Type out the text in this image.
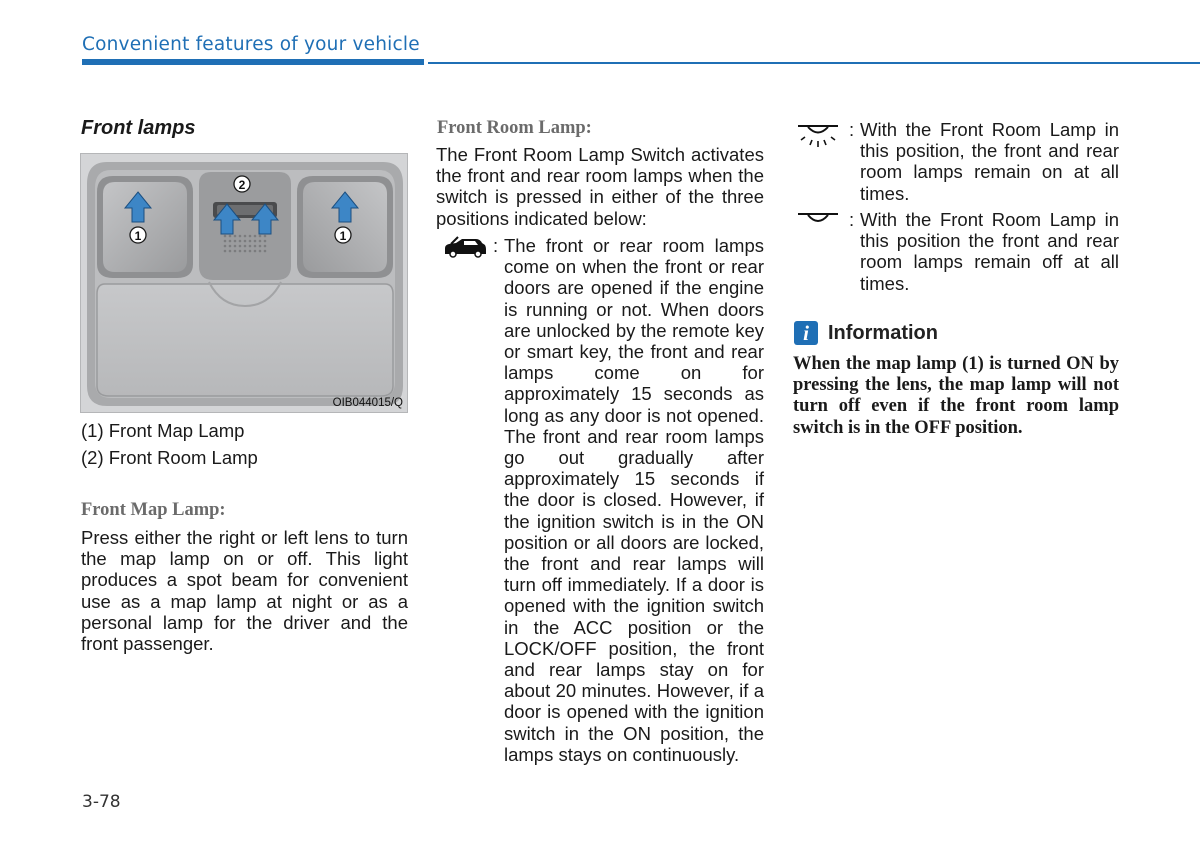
Convenient features of your vehicle
Front lamps
1
2
1
OIB044015/Q
(1) Front Map Lamp
(2) Front Room Lamp
Front Map Lamp:
Press either the right or left lens to turn the map lamp on or off. This light produces a spot beam for convenient use as a map lamp at night or as a personal lamp for the driver and the front passenger.
Front Room Lamp:
The Front Room Lamp Switch activates the front and rear room lamps when the switch is pressed in either of the three positions indicated below:
: The front or rear room lamps come on when the front or rear doors are opened if the engine is running or not. When doors are unlocked by the remote key or smart key, the front and rear lamps come on for approximately 15 seconds as long as any door is not opened. The front and rear room lamps go out gradually after approximately 15 seconds if the door is closed. However, if the ignition switch is in the ON position or all doors are locked, the front and rear lamps will turn off immediately. If a door is opened with the ignition switch in the ACC position or the LOCK/OFF position, the front and rear lamps stay on for about 20 minutes. However, if a door is opened with the ignition switch in the ON position, the lamps stays on continuously.
: With the Front Room Lamp in this position, the front and rear room lamps remain on at all times.
: With the Front Room Lamp in this position the front and rear room lamps remain off at all times.
i Information
When the map lamp (1) is turned ON by pressing the lens, the map lamp will not turn off even if the front room lamp switch is in the OFF position.
3-78
